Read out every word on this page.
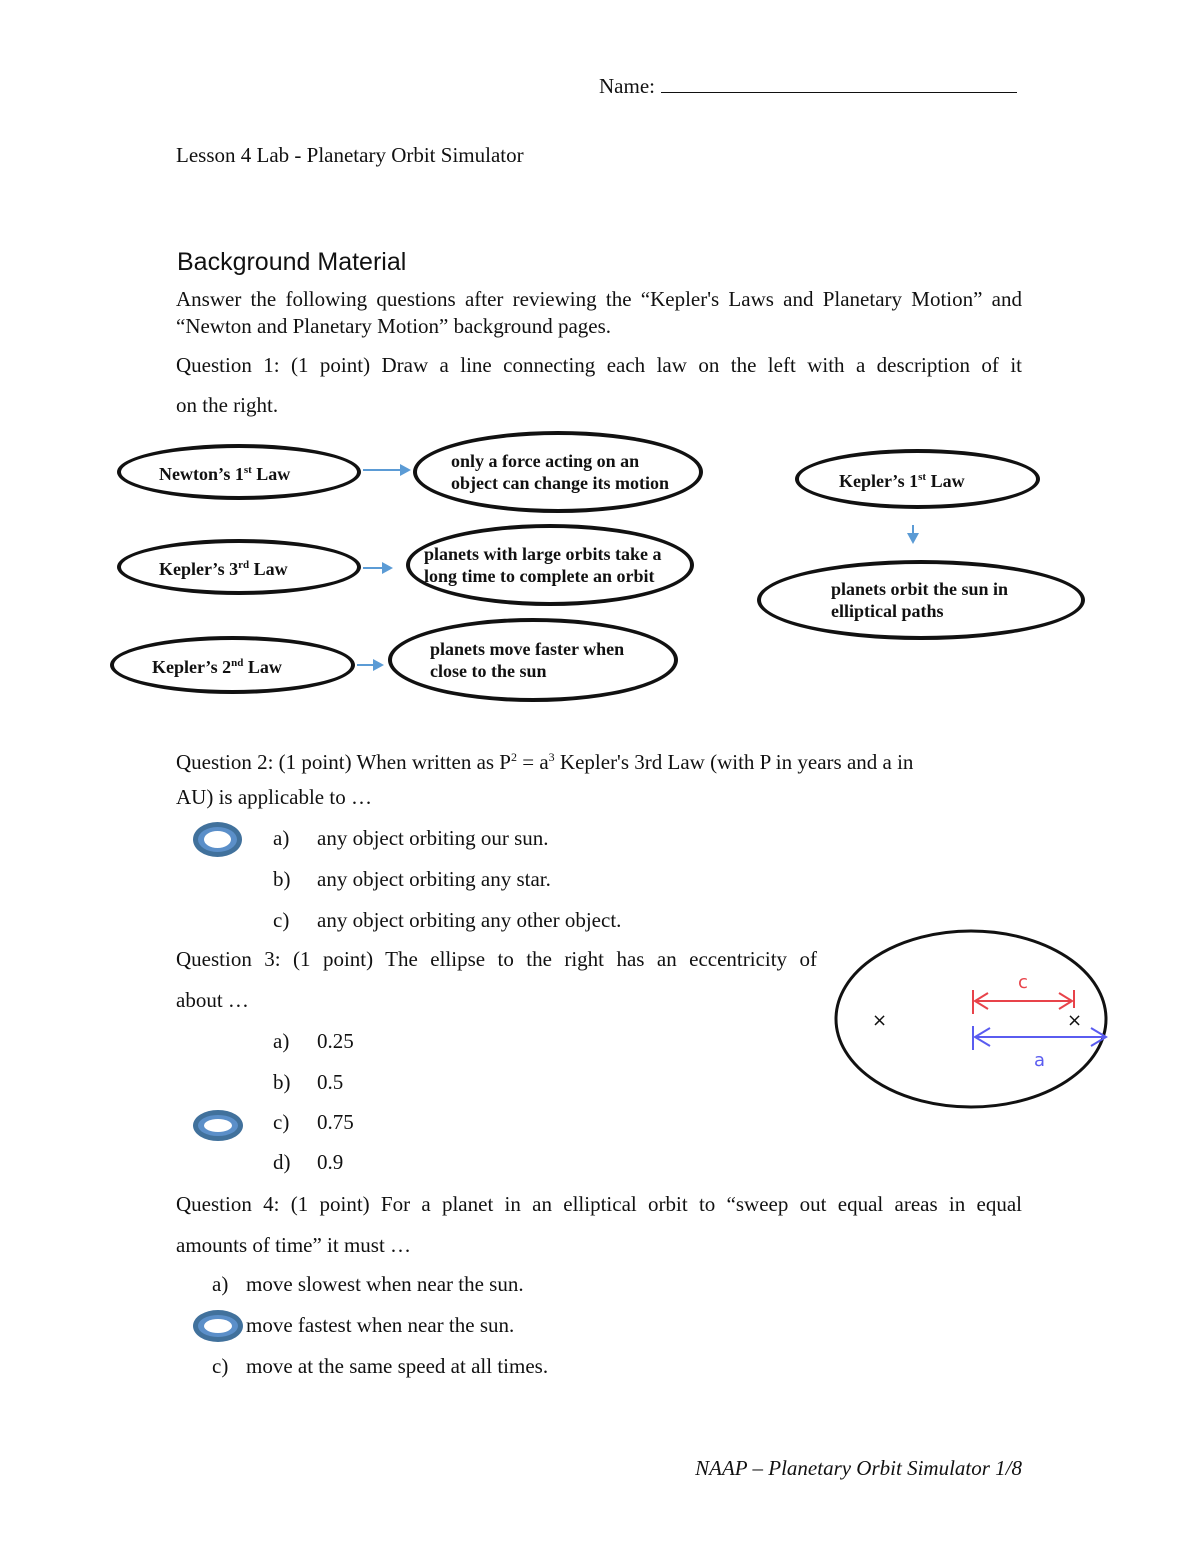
Name:
Lesson 4 Lab - Planetary Orbit Simulator
Background Material
Answer the following questions after reviewing the “Kepler's Laws and Planetary Motion” and “Newton and Planetary Motion” background pages.
Question 1: (1 point) Draw a line connecting each law on the left with a description of it
on the right.
Newton’s 1st Law
Kepler’s 3rd Law
Kepler’s 2nd Law
Kepler’s 1st Law
only a force acting on an
object can change its motion
planets with large orbits take a
long time to complete an orbit
planets move faster when
close to the sun
planets orbit the sun in
elliptical paths
Question 2: (1 point) When written as $P^2 = a^3$ Kepler's 3rd Law (with P in years and a in
AU) is applicable to …
a) any object orbiting our sun.
b) any object orbiting any star.
c) any object orbiting any other object.
Question 3: (1 point) The ellipse to the right has an eccentricity of
about …
a) 0.25
b) 0.5
c) 0.75
d) 0.9
×	×
c
a
Question 4: (1 point) For a planet in an elliptical orbit to “sweep out equal areas in equal
amounts of time” it must …
a) move slowest when near the sun.
move fastest when near the sun.
c) move at the same speed at all times.
NAAP – Planetary Orbit Simulator 1/8
